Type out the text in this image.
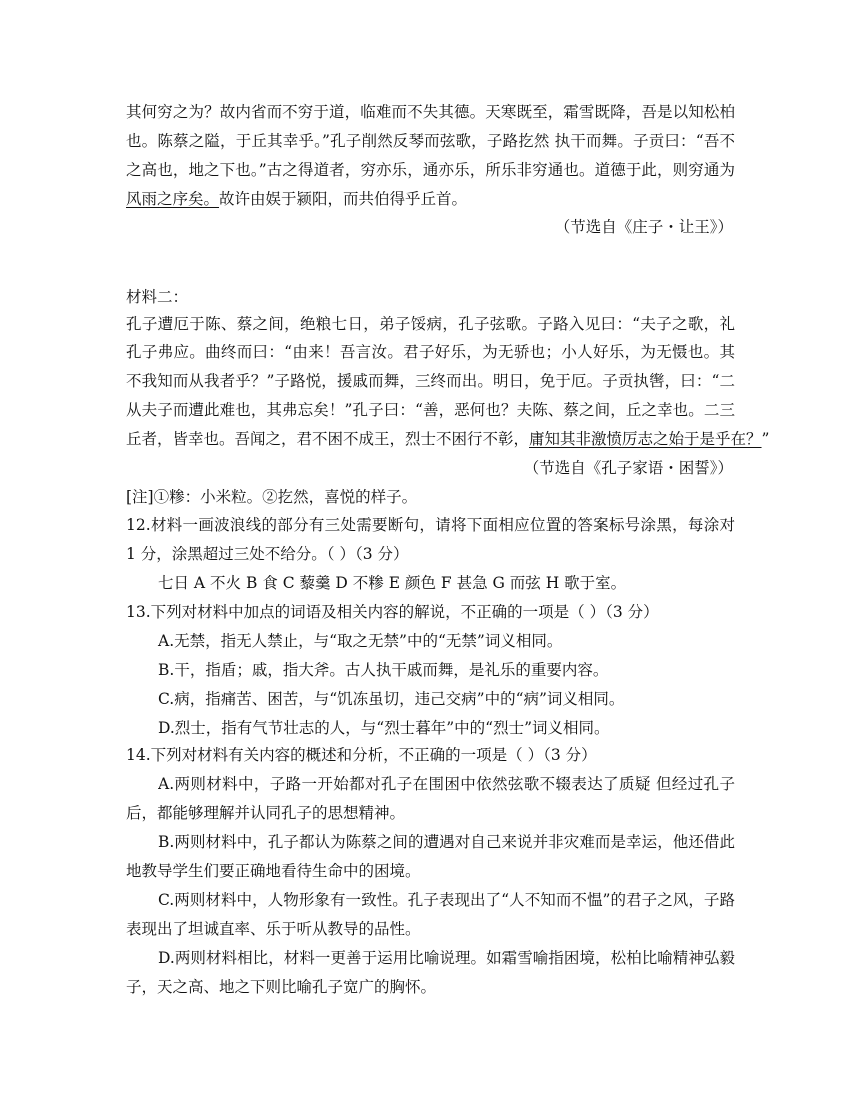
其何穷之为？故内省而不穷于道，临难而不失其德。天寒既至，霜雪既降，吾是以知松柏
也。陈蔡之隘，于丘其幸乎。”孔子削然反琴而弦歌，子路扢然 执干而舞。子贡曰：“吾不
之高也，地之下也。”古之得道者，穷亦乐，通亦乐，所乐非穷通也。道德于此，则穷通为
风雨之序矣。故许由娱于颍阳，而共伯得乎丘首。
（节选自《庄子・让王》）
材料二：
孔子遭厄于陈、蔡之间，绝粮七日，弟子馁病，孔子弦歌。子路入见曰：“夫子之歌，礼
孔子弗应。曲终而曰：“由来！吾言汝。君子好乐，为无骄也；小人好乐，为无慑也。其
不我知而从我者乎？”子路悦，援戚而舞，三终而出。明日，免于厄。子贡执辔，曰：“二
从夫子而遭此难也，其弗忘矣！”孔子曰：“善，恶何也？夫陈、蔡之间，丘之幸也。二三
丘者，皆幸也。吾闻之，君不困不成王，烈士不困行不彰，庸知其非激愤厉志之始于是乎在？”
（节选自《孔子家语・困誓》）
[注]①糁：小米粒。②扢然，喜悦的样子。
12.材料一画波浪线的部分有三处需要断句，请将下面相应位置的答案标号涂黑，每涂对
1 分，涂黑超过三处不给分。（ ）（3 分）
七日 A 不火 B 食 C 藜羹 D 不糁 E 颜色 F 甚急 G 而弦 H 歌于室。
13.下列对材料中加点的词语及相关内容的解说，不正确的一项是（ ）（3 分）
A.无禁，指无人禁止，与“取之无禁”中的“无禁”词义相同。
B.干，指盾；戚，指大斧。古人执干戚而舞，是礼乐的重要内容。
C.病，指痛苦、困苦，与“饥冻虽切，违己交病”中的“病”词义相同。
D.烈士，指有气节壮志的人，与“烈士暮年”中的“烈士”词义相同。
14.下列对材料有关内容的概述和分析，不正确的一项是（ ）（3 分）
A.两则材料中，子路一开始都对孔子在围困中依然弦歌不辍表达了质疑 但经过孔子
后，都能够理解并认同孔子的思想精神。
B.两则材料中，孔子都认为陈蔡之间的遭遇对自己来说并非灾难而是幸运，他还借此
地教导学生们要正确地看待生命中的困境。
C.两则材料中，人物形象有一致性。孔子表现出了“人不知而不愠”的君子之风，子路
表现出了坦诚直率、乐于听从教导的品性。
D.两则材料相比，材料一更善于运用比喻说理。如霜雪喻指困境，松柏比喻精神弘毅
子，天之高、地之下则比喻孔子宽广的胸怀。
